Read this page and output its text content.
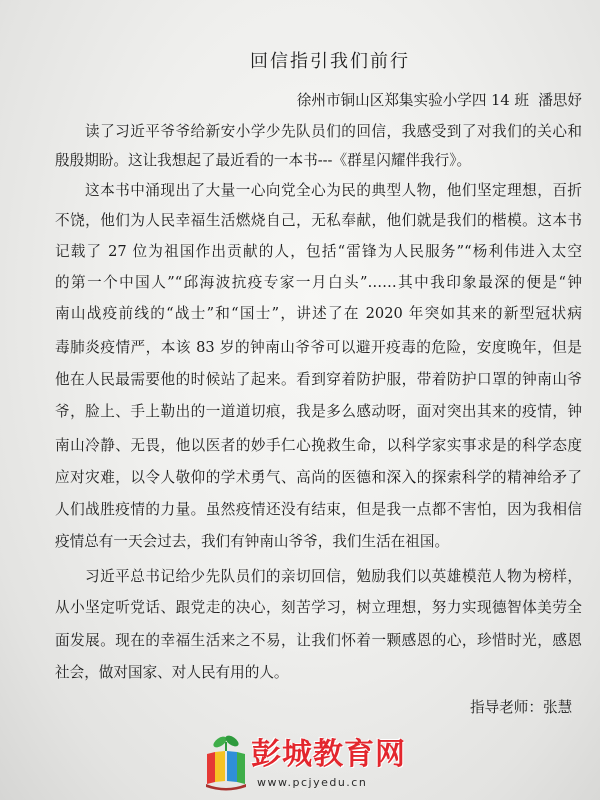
回信指引我们前行
徐州市铜山区郑集实验小学四 14 班  潘思妤
读了习近平爷爷给新安小学少先队员们的回信，我感受到了对我们的关心和
殷殷期盼。这让我想起了最近看的一本书---《群星闪耀伴我行》。
这本书中涌现出了大量一心向党全心为民的典型人物，他们坚定理想，百折
不饶，他们为人民幸福生活燃烧自己，无私奉献，他们就是我们的楷模。这本书
记载了 27 位为祖国作出贡献的人，包括“雷锋为人民服务”“杨利伟进入太空
的第一个中国人”“邱海波抗疫专家一月白头”……其中我印象最深的便是“钟
南山战疫前线的“战士”和“国士”，讲述了在 2020 年突如其来的新型冠状病
毒肺炎疫情严，本该 83 岁的钟南山爷爷可以避开疫毒的危险，安度晚年，但是
他在人民最需要他的时候站了起来。看到穿着防护服，带着防护口罩的钟南山爷
爷，脸上、手上勒出的一道道切痕，我是多么感动呀，面对突出其来的疫情，钟
南山冷静、无畏，他以医者的妙手仁心挽救生命，以科学家实事求是的科学态度
应对灾难，以令人敬仰的学术勇气、高尚的医德和深入的探索科学的精神给矛了
人们战胜疫情的力量。虽然疫情还没有结束，但是我一点都不害怕，因为我相信
疫情总有一天会过去，我们有钟南山爷爷，我们生活在祖国。
习近平总书记给少先队员们的亲切回信，勉励我们以英雄模范人物为榜样，
从小坚定听党话、跟党走的决心，刻苦学习，树立理想，努力实现德智体美劳全
面发展。现在的幸福生活来之不易，让我们怀着一颗感恩的心，珍惜时光，感恩
社会，做对国家、对人民有用的人。
指导老师：张慧
彭城教育网
www.pcjyedu.cn
